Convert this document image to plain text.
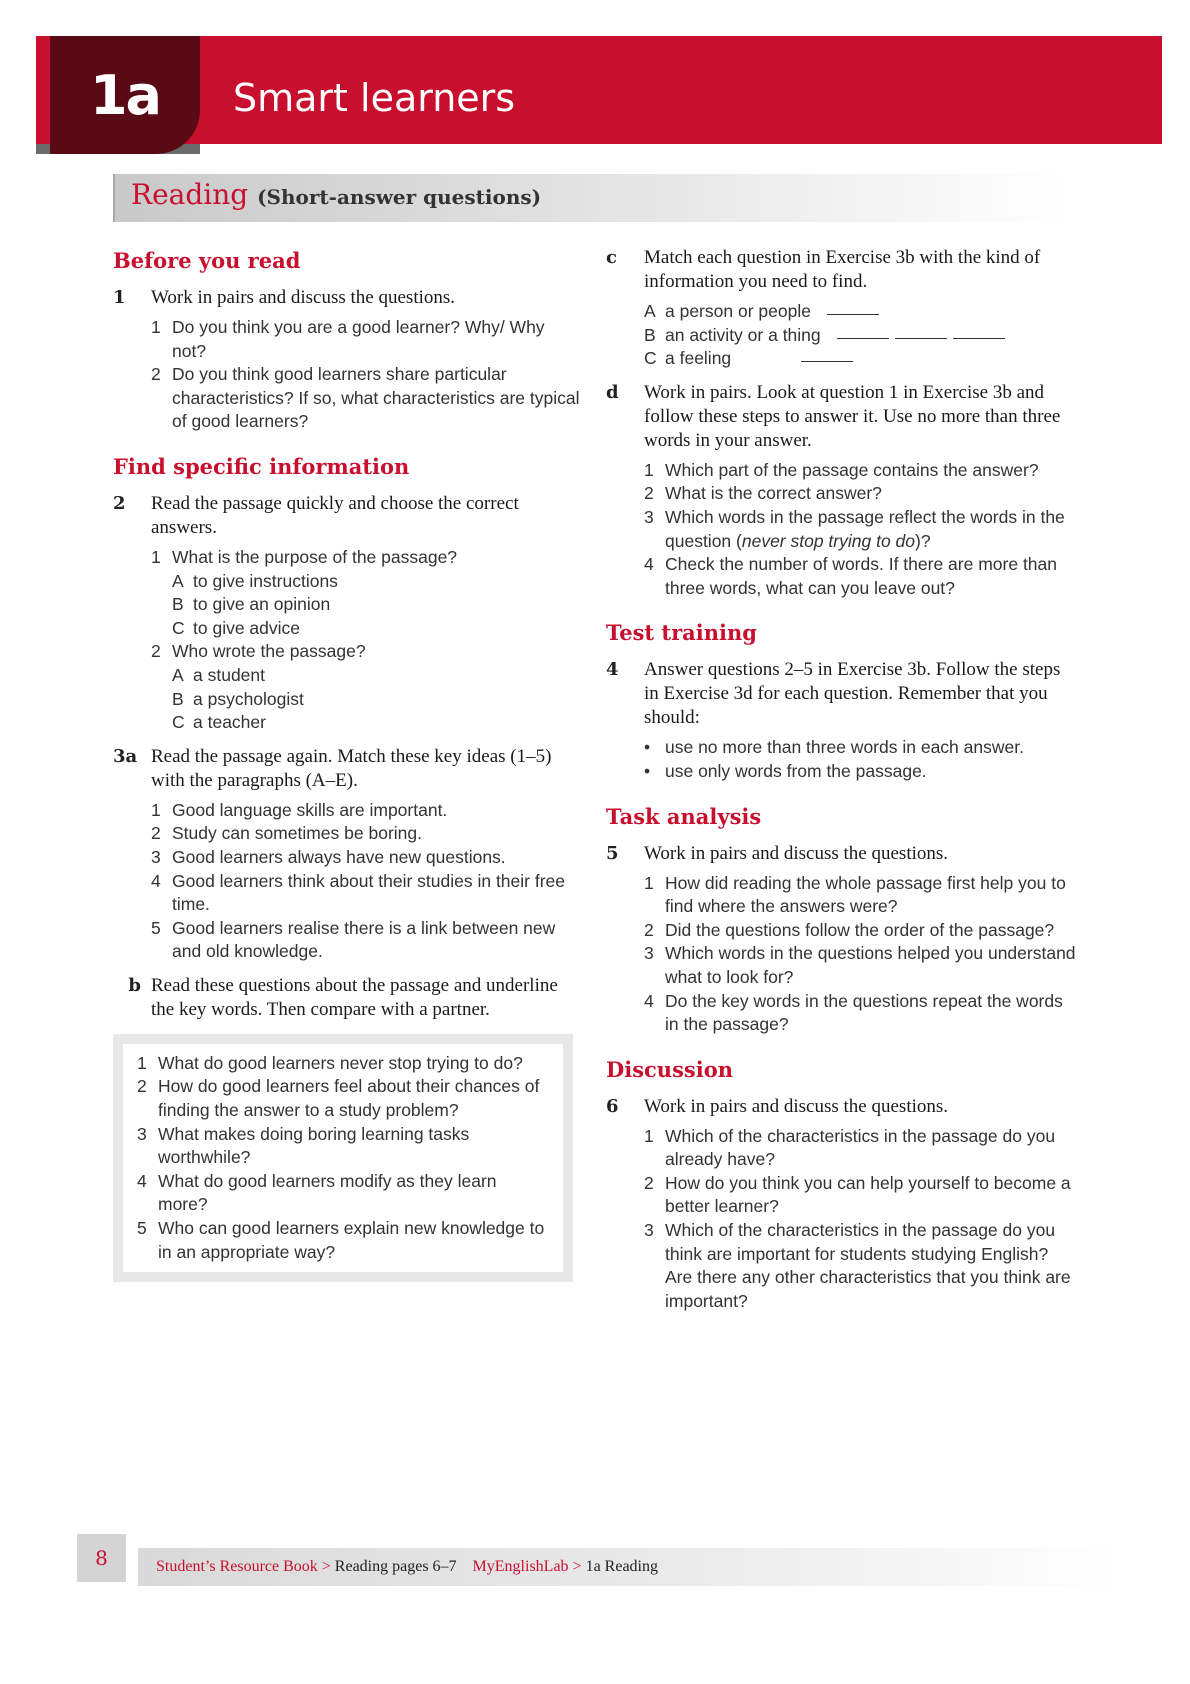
1a	Smart learners
Reading (Short-answer questions)
Before you read
1	Work in pairs and discuss the questions.
1 Do you think you are a good learner? Why/ Why not?
2 Do you think good learners share particular characteristics? If so, what characteristics are typical of good learners?
Find specific information
2	Read the passage quickly and choose the correct answers.
1 What is the purpose of the passage?
A to give instructions
B to give an opinion
C to give advice
2 Who wrote the passage?
A a student
B a psychologist
C a teacher
3a Read the passage again. Match these key ideas (1–5) with the paragraphs (A–E).
1 Good language skills are important.
2 Study can sometimes be boring.
3 Good learners always have new questions.
4 Good learners think about their studies in their free time.
5 Good learners realise there is a link between new and old knowledge.
b Read these questions about the passage and underline the key words. Then compare with a partner.
1 What do good learners never stop trying to do?
2 How do good learners feel about their chances of finding the answer to a study problem?
3 What makes doing boring learning tasks worthwhile?
4 What do good learners modify as they learn more?
5 Who can good learners explain new knowledge to in an appropriate way?
c	Match each question in Exercise 3b with the kind of information you need to find.
A a person or people
B an activity or a thing
C a feeling
d	Work in pairs. Look at question 1 in Exercise 3b and follow these steps to answer it. Use no more than three words in your answer.
1 Which part of the passage contains the answer?
2 What is the correct answer?
3 Which words in the passage reflect the words in the question (never stop trying to do)?
4 Check the number of words. If there are more than three words, what can you leave out?
Test training
4	Answer questions 2–5 in Exercise 3b. Follow the steps in Exercise 3d for each question. Remember that you should:
• use no more than three words in each answer.
• use only words from the passage.
Task analysis
5	Work in pairs and discuss the questions.
1 How did reading the whole passage first help you to find where the answers were?
2 Did the questions follow the order of the passage?
3 Which words in the questions helped you understand what to look for?
4 Do the key words in the questions repeat the words in the passage?
Discussion
6	Work in pairs and discuss the questions.
1 Which of the characteristics in the passage do you already have?
2 How do you think you can help yourself to become a better learner?
3 Which of the characteristics in the passage do you think are important for students studying English? Are there any other characteristics that you think are important?
8	Student’s Resource Book > Reading pages 6–7 MyEnglishLab > 1a Reading
